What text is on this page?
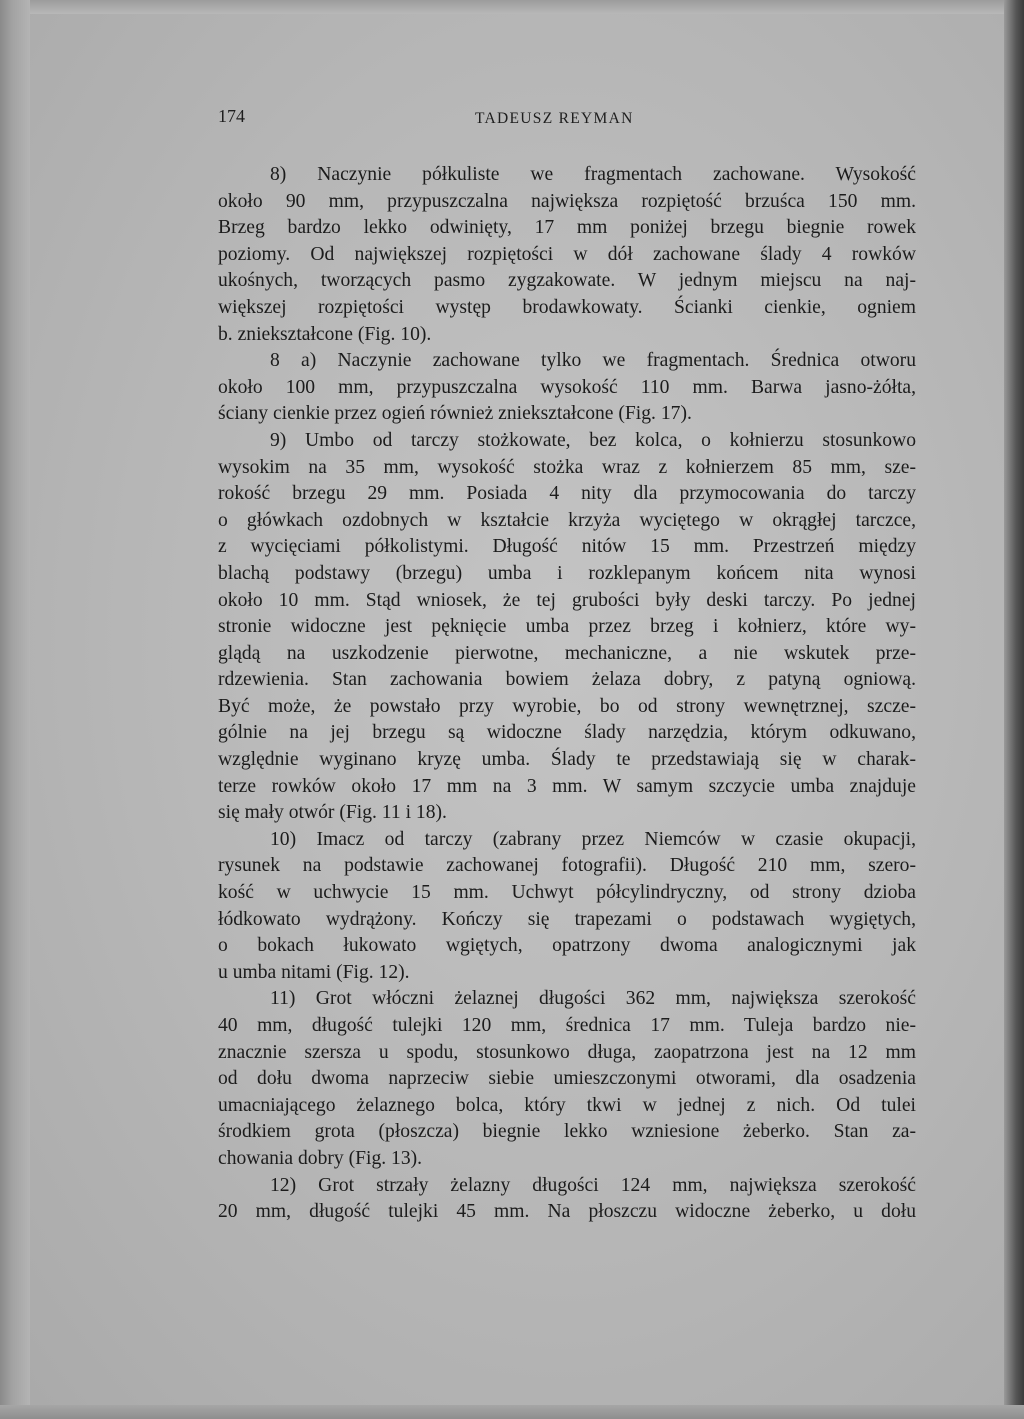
174	TADEUSZ REYMAN
8) Naczynie półkuliste we fragmentach zachowane. Wysokość
około 90 mm, przypuszczalna największa rozpiętość brzuśca 150 mm.
Brzeg bardzo lekko odwinięty, 17 mm poniżej brzegu biegnie rowek
poziomy. Od największej rozpiętości w dół zachowane ślady 4 rowków
ukośnych, tworzących pasmo zygzakowate. W jednym miejscu na naj-
większej rozpiętości występ brodawkowaty. Ścianki cienkie, ogniem
b. zniekształcone (Fig. 10).
8 a) Naczynie zachowane tylko we fragmentach. Średnica otworu
około 100 mm, przypuszczalna wysokość 110 mm. Barwa jasno-żółta,
ściany cienkie przez ogień również zniekształcone (Fig. 17).
9) Umbo od tarczy stożkowate, bez kolca, o kołnierzu stosunkowo
wysokim na 35 mm, wysokość stożka wraz z kołnierzem 85 mm, sze-
rokość brzegu 29 mm. Posiada 4 nity dla przymocowania do tarczy
o główkach ozdobnych w kształcie krzyża wyciętego w okrągłej tarczce,
z wycięciami półkolistymi. Długość nitów 15 mm. Przestrzeń między
blachą podstawy (brzegu) umba i rozklepanym końcem nita wynosi
około 10 mm. Stąd wniosek, że tej grubości były deski tarczy. Po jednej
stronie widoczne jest pęknięcie umba przez brzeg i kołnierz, które wy-
glądą na uszkodzenie pierwotne, mechaniczne, a nie wskutek prze-
rdzewienia. Stan zachowania bowiem żelaza dobry, z patyną ogniową.
Być może, że powstało przy wyrobie, bo od strony wewnętrznej, szcze-
gólnie na jej brzegu są widoczne ślady narzędzia, którym odkuwano,
względnie wyginano kryzę umba. Ślady te przedstawiają się w charak-
terze rowków około 17 mm na 3 mm. W samym szczycie umba znajduje
się mały otwór (Fig. 11 i 18).
10) Imacz od tarczy (zabrany przez Niemców w czasie okupacji,
rysunek na podstawie zachowanej fotografii). Długość 210 mm, szero-
kość w uchwycie 15 mm. Uchwyt półcylindryczny, od strony dzioba
łódkowato wydrążony. Kończy się trapezami o podstawach wygiętych,
o bokach łukowato wgiętych, opatrzony dwoma analogicznymi jak
u umba nitami (Fig. 12).
11) Grot włóczni żelaznej długości 362 mm, największa szerokość
40 mm, długość tulejki 120 mm, średnica 17 mm. Tuleja bardzo nie-
znacznie szersza u spodu, stosunkowo długa, zaopatrzona jest na 12 mm
od dołu dwoma naprzeciw siebie umieszczonymi otworami, dla osadzenia
umacniającego żelaznego bolca, który tkwi w jednej z nich. Od tulei
środkiem grota (płoszcza) biegnie lekko wzniesione żeberko. Stan za-
chowania dobry (Fig. 13).
12) Grot strzały żelazny długości 124 mm, największa szerokość
20 mm, długość tulejki 45 mm. Na płoszczu widoczne żeberko, u dołu
